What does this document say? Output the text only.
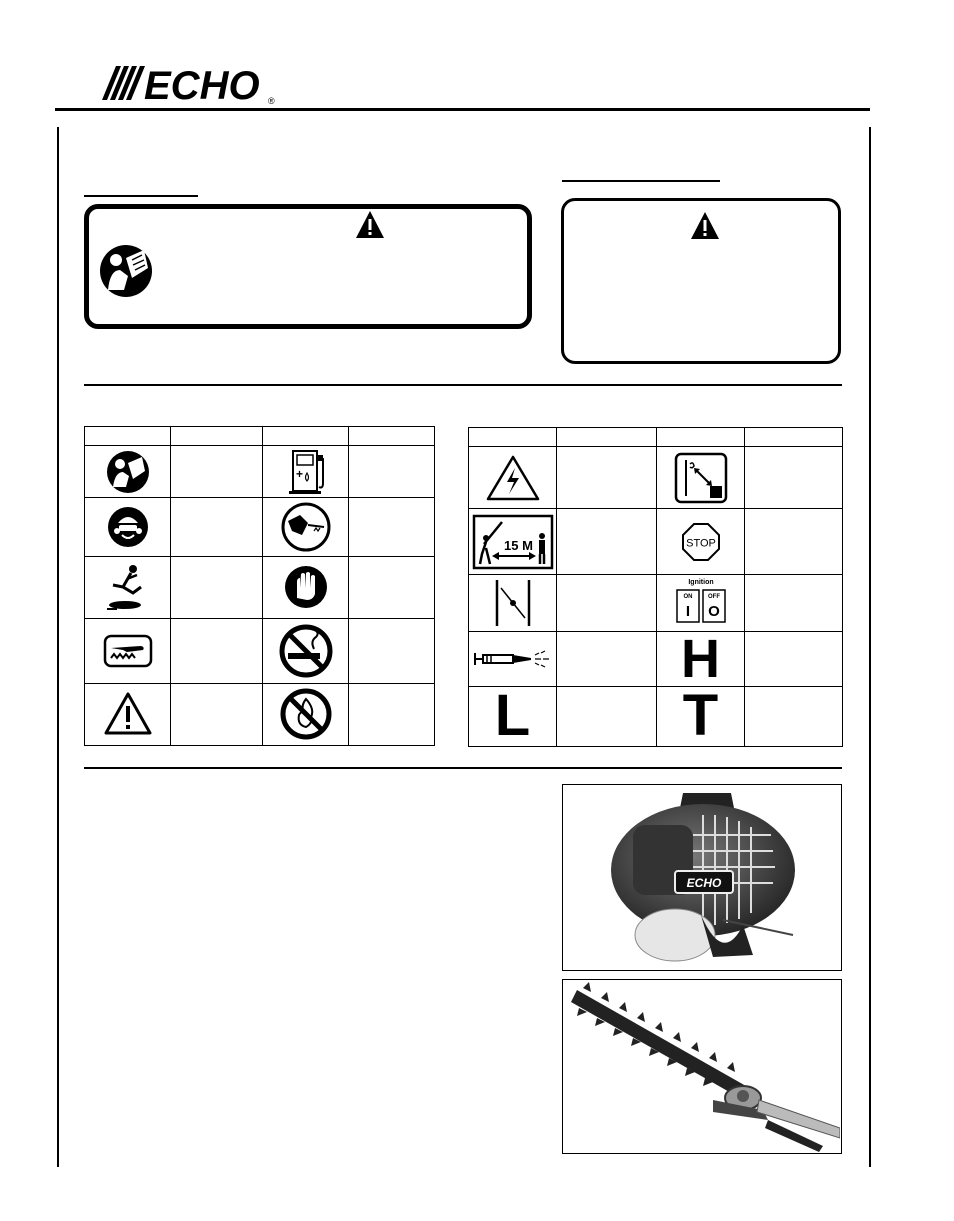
ECHO ®

+	

15 M		STOP	

Ignition
ON OFF
I O	

		H	
L		T	
ECHO
